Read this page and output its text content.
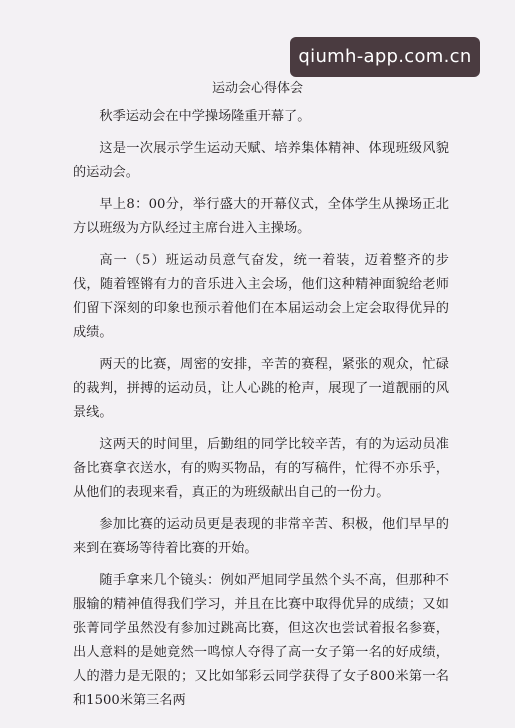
qiumh-app.com.cn
运动会心得体会

秋季运动会在中学操场隆重开幕了。

这是一次展示学生运动天赋、培养集体精神、体现班级风貌的运动会。

早上8：00分，举行盛大的开幕仪式，全体学生从操场正北方以班级为方队经过主席台进入主操场。

高一（5）班运动员意气奋发，统一着装，迈着整齐的步伐，随着铿锵有力的音乐进入主会场，他们这种精神面貌给老师们留下深刻的印象也预示着他们在本届运动会上定会取得优异的成绩。

两天的比赛，周密的安排，辛苦的赛程，紧张的观众，忙碌的裁判，拼搏的运动员，让人心跳的枪声，展现了一道靓丽的风景线。

这两天的时间里，后勤组的同学比较辛苦，有的为运动员准备比赛拿衣送水，有的购买物品，有的写稿件，忙得不亦乐乎，从他们的表现来看，真正的为班级献出自己的一份力。

参加比赛的运动员更是表现的非常辛苦、积极，他们早早的来到在赛场等待着比赛的开始。

随手拿来几个镜头：例如严旭同学虽然个头不高，但那种不服输的精神值得我们学习，并且在比赛中取得优异的成绩；又如张菁同学虽然没有参加过跳高比赛，但这次也尝试着报名参赛，出人意料的是她竟然一鸣惊人夺得了高一女子第一名的好成绩，人的潜力是无限的；又比如邹彩云同学获得了女子800米第一名和1500米第三名两
